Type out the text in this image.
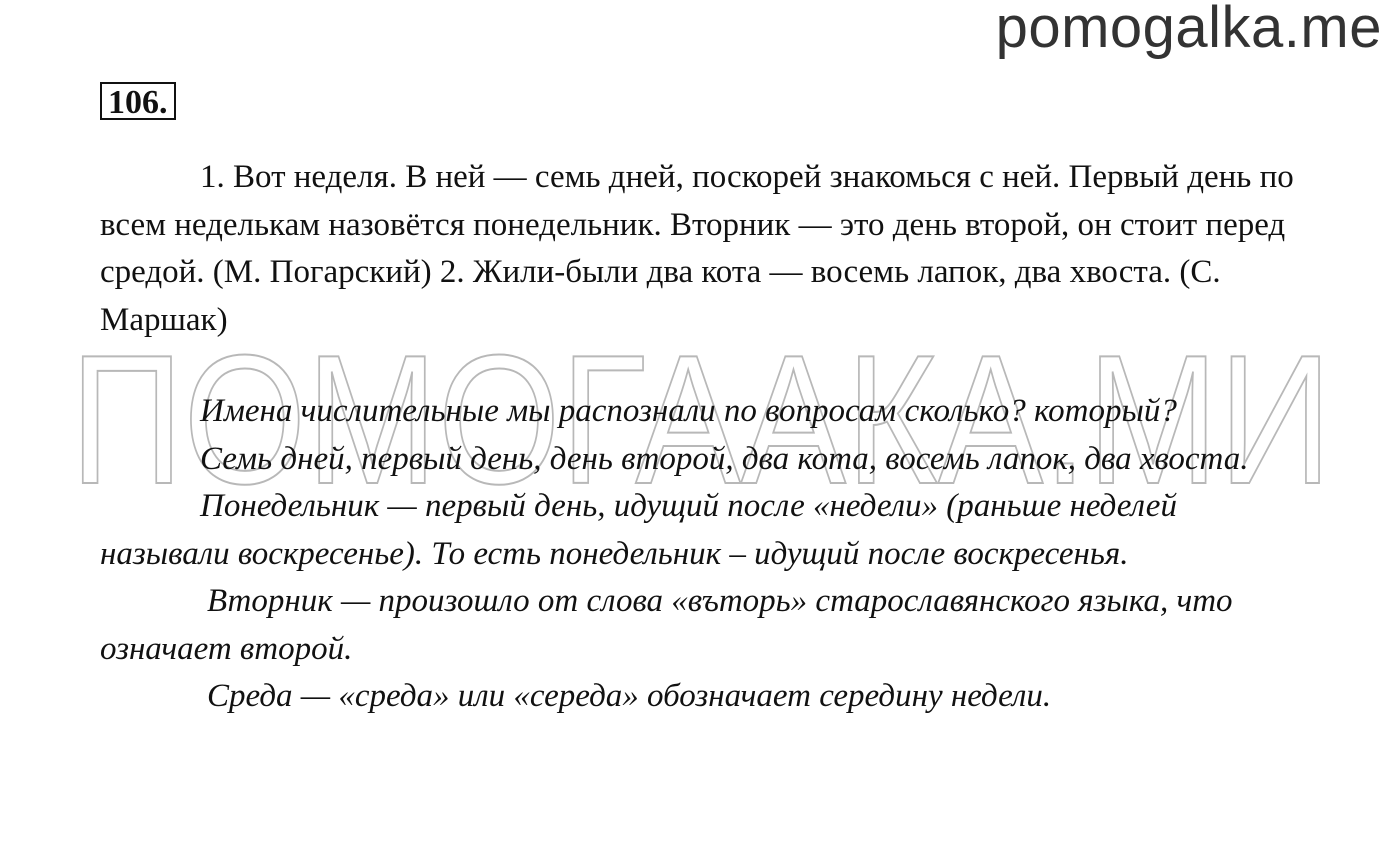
pomogalka.me
ПОМОГААКА.МИ
106.

1. Вот неделя. В ней — семь дней, поскорей знакомься с ней. Первый день по всем неделькам назовётся понедельник. Вторник — это день второй, он стоит перед средой. (М. Погарский) 2. Жили-были два кота — восемь лапок, два хвоста. (С. Маршак)

Имена числительные мы распознали по вопросам сколько? который?

Семь дней, первый день, день второй, два кота, восемь лапок, два хвоста.

Понедельник — первый день, идущий после «недели» (раньше неделей называли воскресенье). То есть понедельник – идущий после воскресенья.

Вторник — произошло от слова «въторь» старославянского языка, что означает второй.

Среда — «среда» или «середа» обозначает середину недели.
